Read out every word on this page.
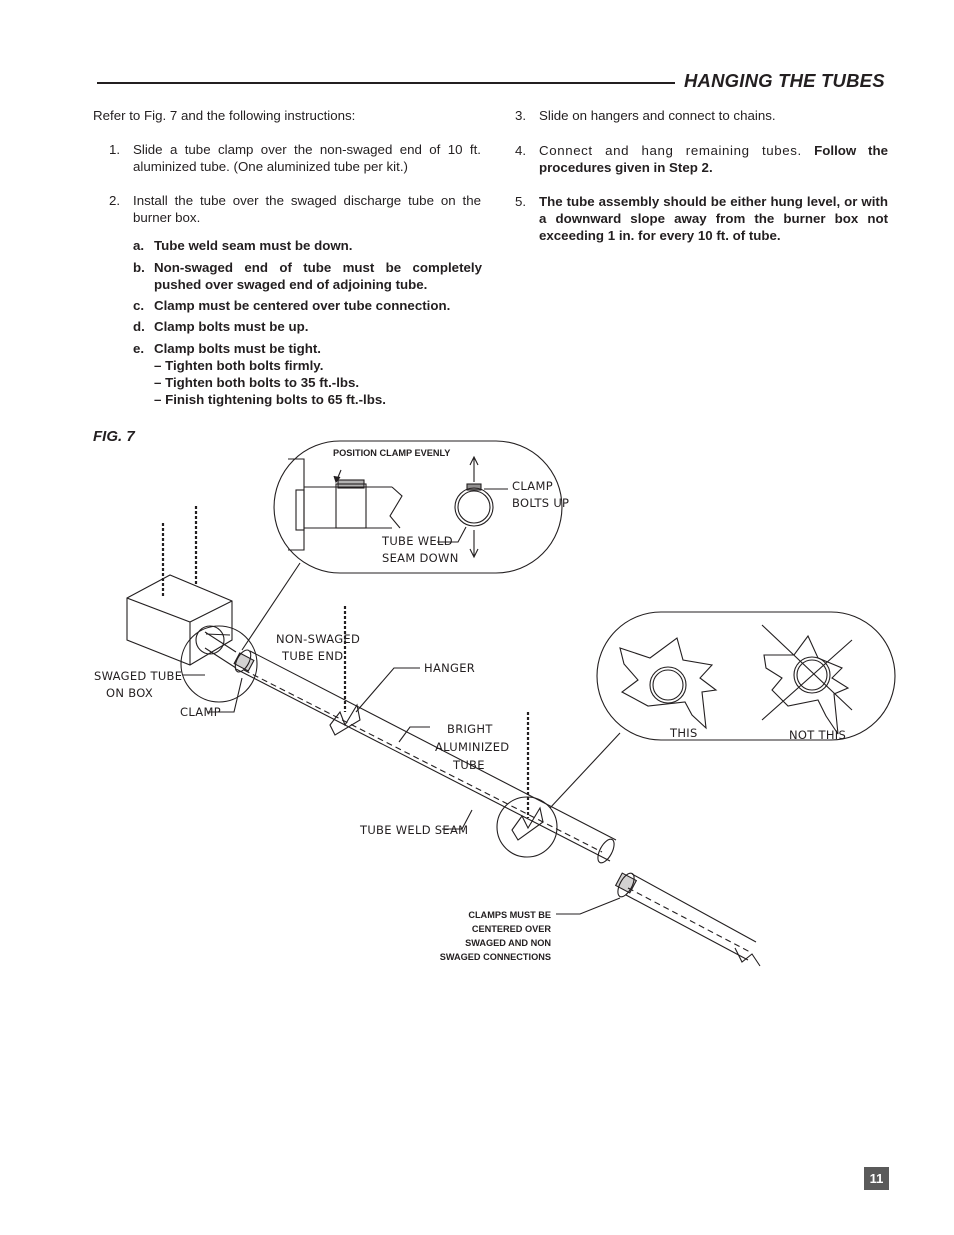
HANGING THE TUBES

Refer to Fig. 7 and the following instructions:

1. Slide a tube clamp over the non-swaged end of 10 ft. aluminized tube. (One aluminized tube per kit.)
2. Install the tube over the swaged discharge tube on the burner box.
a. Tube weld seam must be down.
b. Non-swaged end of tube must be completely pushed over swaged end of adjoining tube.
c. Clamp must be centered over tube connection.
d. Clamp bolts must be up.
e. Clamp bolts must be tight.
– Tighten both bolts firmly.
– Tighten both bolts to 35 ft.-lbs.
– Finish tightening bolts to 65 ft.-lbs.
3. Slide on hangers and connect to chains.
4. Connect and hang remaining tubes. Follow the procedures given in Step 2.
5. The tube assembly should be either hung level, or with a downward slope away from the burner box not exceeding 1 in. for every 10 ft. of tube.
FIG. 7
POSITION CLAMP EVENLY
CLAMP
BOLTS UP
TUBE WELD
SEAM DOWN
NON-SWAGED
TUBE END
SWAGED TUBE
ON BOX
CLAMP
HANGER
BRIGHT
ALUMINIZED
TUBE
TUBE WELD SEAM
THIS	NOT THIS
CLAMPS MUST BE
CENTERED OVER
SWAGED AND NON
SWAGED CONNECTIONS
11
